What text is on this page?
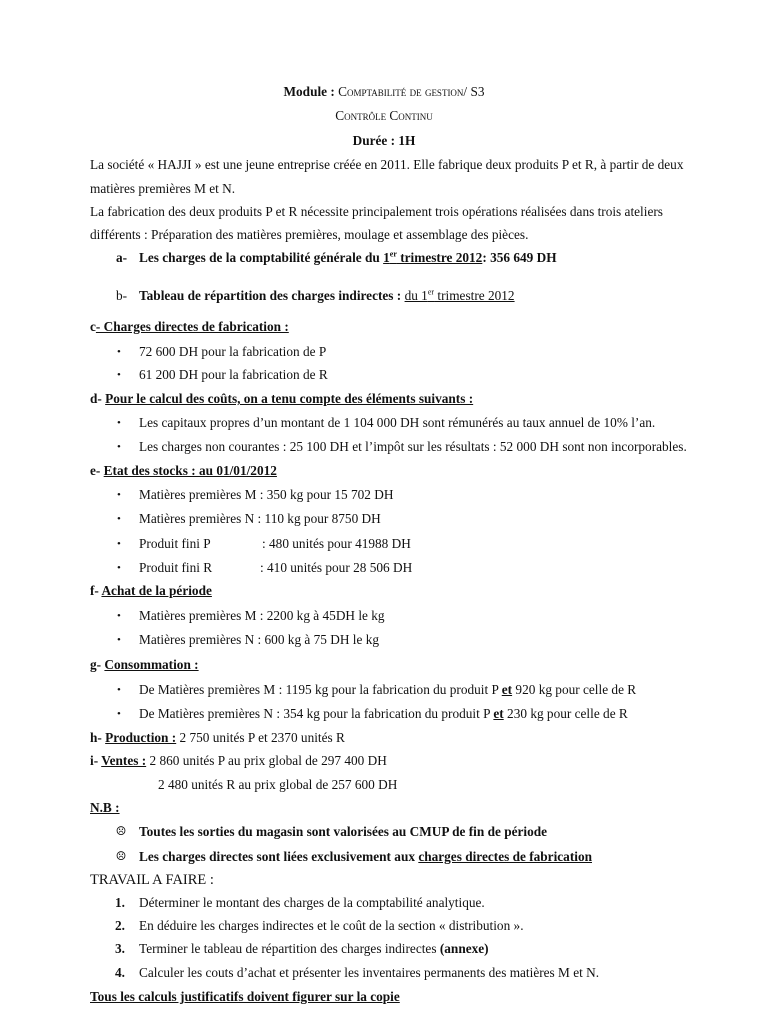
Module : Comptabilité de gestion/ S3
Contrôle Continu
Durée : 1H
La société « HAJJI » est une jeune entreprise créée en 2011. Elle fabrique deux produits P et R, à partir de deux
matières premières M et N.
La fabrication des deux produits P et R nécessite principalement trois opérations réalisées dans trois ateliers
différents : Préparation des matières premières, moulage et assemblage des pièces.
a- Les charges de la comptabilité générale du 1er trimestre 2012: 356 649 DH
b- Tableau de répartition des charges indirectes : du 1er trimestre 2012
c- Charges directes de fabrication :
•
72 600 DH pour la fabrication de P
•
61 200 DH pour la fabrication de R
d- Pour le calcul des coûts, on a tenu compte des éléments suivants :
•
Les capitaux propres d’un montant de 1 104 000 DH sont rémunérés au taux annuel de 10% l’an.
•
Les charges non courantes : 25 100 DH et l’impôt sur les résultats : 52 000 DH sont non incorporables.
e- Etat des stocks : au 01/01/2012
•
Matières premières M : 350 kg pour 15 702 DH
•
Matières premières N : 110 kg pour 8750 DH
•
Produit fini P	: 480 unités pour 41988 DH
•
Produit fini R	: 410 unités pour 28 506 DH
f- Achat de la période
•
Matières premières M : 2200 kg à 45DH le kg
•
Matières premières N : 600 kg à 75 DH le kg
g- Consommation :
•
De Matières premières M : 1195 kg pour la fabrication du produit P et 920 kg pour celle de R
•
De Matières premières N : 354 kg pour la fabrication du produit P et 230 kg pour celle de R
h- Production : 2 750 unités P et 2370 unités R
i- Ventes : 2 860 unités P au prix global de 297 400 DH
2 480 unités R au prix global de 257 600 DH
N.B :
☹ Toutes les sorties du magasin sont valorisées au CMUP de fin de période
☹ Les charges directes sont liées exclusivement aux charges directes de fabrication
TRAVAIL A FAIRE :
1.	Déterminer le montant des charges de la comptabilité analytique.
2.	En déduire les charges indirectes et le coût de la section « distribution ».
3.	Terminer le tableau de répartition des charges indirectes (annexe)
4.	Calculer les couts d’achat et présenter les inventaires permanents des matières M et N.
Tous les calculs justificatifs doivent figurer sur la copie
